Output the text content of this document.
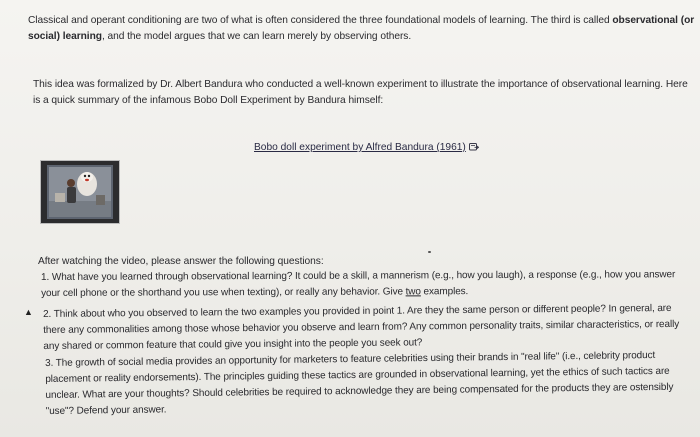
Classical and operant conditioning are two of what is often considered the three foundational models of learning. The third is called observational (or social) learning, and the model argues that we can learn merely by observing others.

This idea was formalized by Dr. Albert Bandura who conducted a well-known experiment to illustrate the importance of observational learning. Here is a quick summary of the infamous Bobo Doll Experiment by Bandura himself:

Bobo doll experiment by Alfred Bandura (1961)

After watching the video, please answer the following questions:

▲

1. What have you learned through observational learning? It could be a skill, a mannerism (e.g., how you laugh), a response (e.g., how you answer your cell phone or the shorthand you use when texting), or really any behavior. Give two examples.

2. Think about who you observed to learn the two examples you provided in point 1. Are they the same person or different people? In general, are there any commonalities among those whose behavior you observe and learn from? Any common personality traits, similar characteristics, or really any shared or common feature that could give you insight into the people you seek out?

3. The growth of social media provides an opportunity for marketers to feature celebrities using their brands in "real life" (i.e., celebrity product placement or reality endorsements). The principles guiding these tactics are grounded in observational learning, yet the ethics of such tactics are unclear. What are your thoughts? Should celebrities be required to acknowledge they are being compensated for the products they are ostensibly "use"? Defend your answer.
